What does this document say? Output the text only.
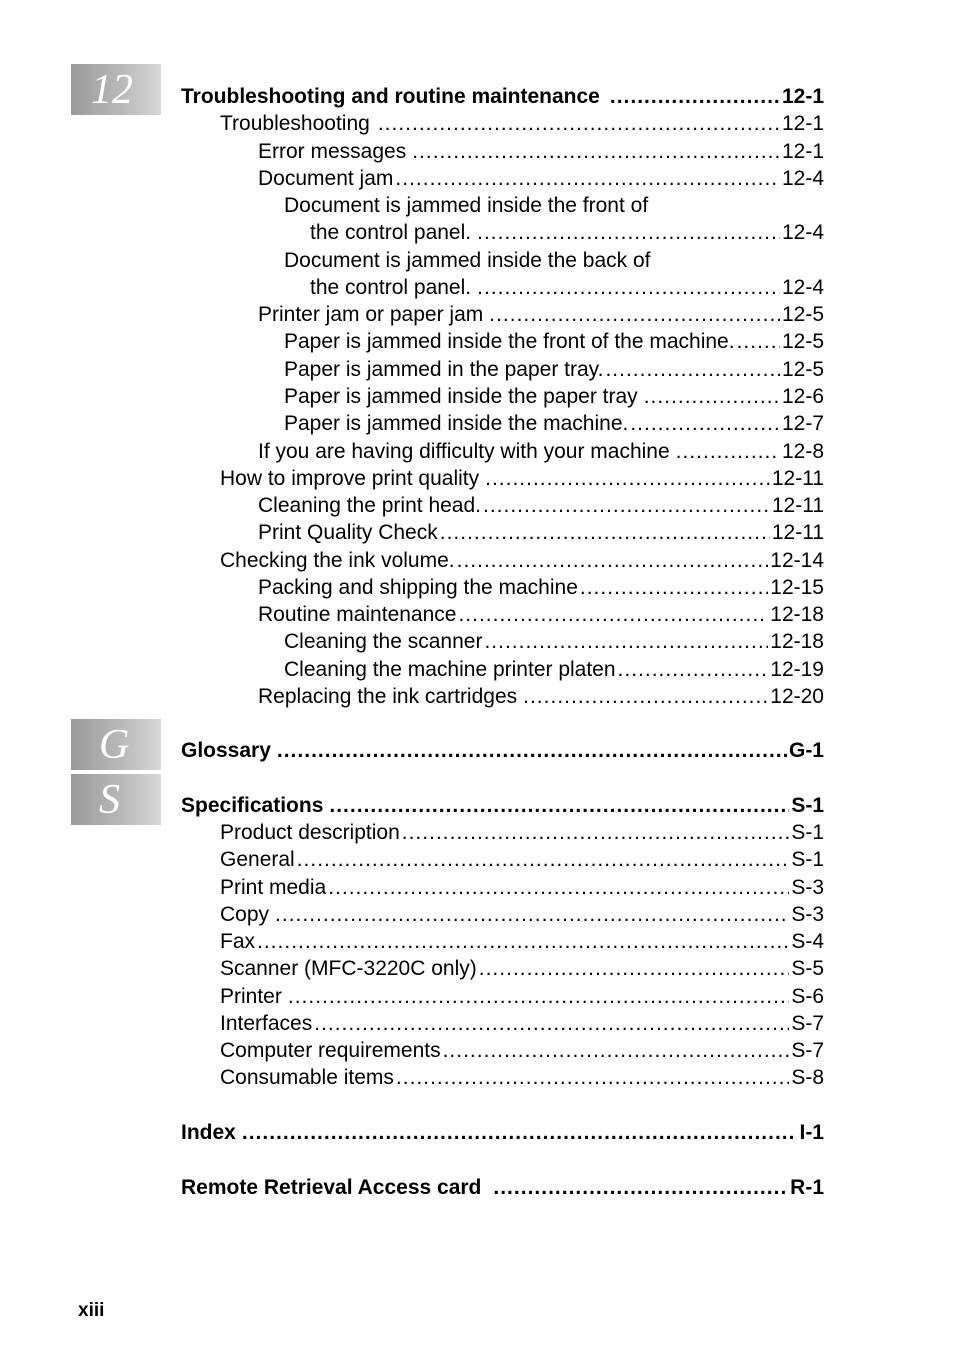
12
G
S
Troubleshooting and routine maintenance .....	12-1
Troubleshooting .....	12-1
Error messages .....	12-1
Document jam .....	12-4
Document is jammed inside the front of
the control panel. .....	12-4
Document is jammed inside the back of
the control panel. .....	12-4
Printer jam or paper jam .....	12-5
Paper is jammed inside the front of the machine. ..... 12-5
Paper is jammed in the paper tray. .....	12-5
Paper is jammed inside the paper tray .....	12-6
Paper is jammed inside the machine. .....	12-7
If you are having difficulty with your machine .....	12-8
How to improve print quality .....	12-11
Cleaning the print head. .....	12-11
Print Quality Check .....	12-11
Checking the ink volume. .....	12-14
Packing and shipping the machine .....	12-15
Routine maintenance .....	12-18
Cleaning the scanner .....	12-18
Cleaning the machine printer platen .....	12-19
Replacing the ink cartridges .....	12-20
Glossary .....	G-1
Specifications .....	S-1
Product description .....	S-1
General .....	S-1
Print media .....	S-3
Copy .....	S-3
Fax .....	S-4
Scanner (MFC-3220C only) .....	S-5
Printer .....	S-6
Interfaces .....	S-7
Computer requirements .....	S-7
Consumable items .....	S-8
Index .....	I-1
Remote Retrieval Access card .....	R-1
xiii
